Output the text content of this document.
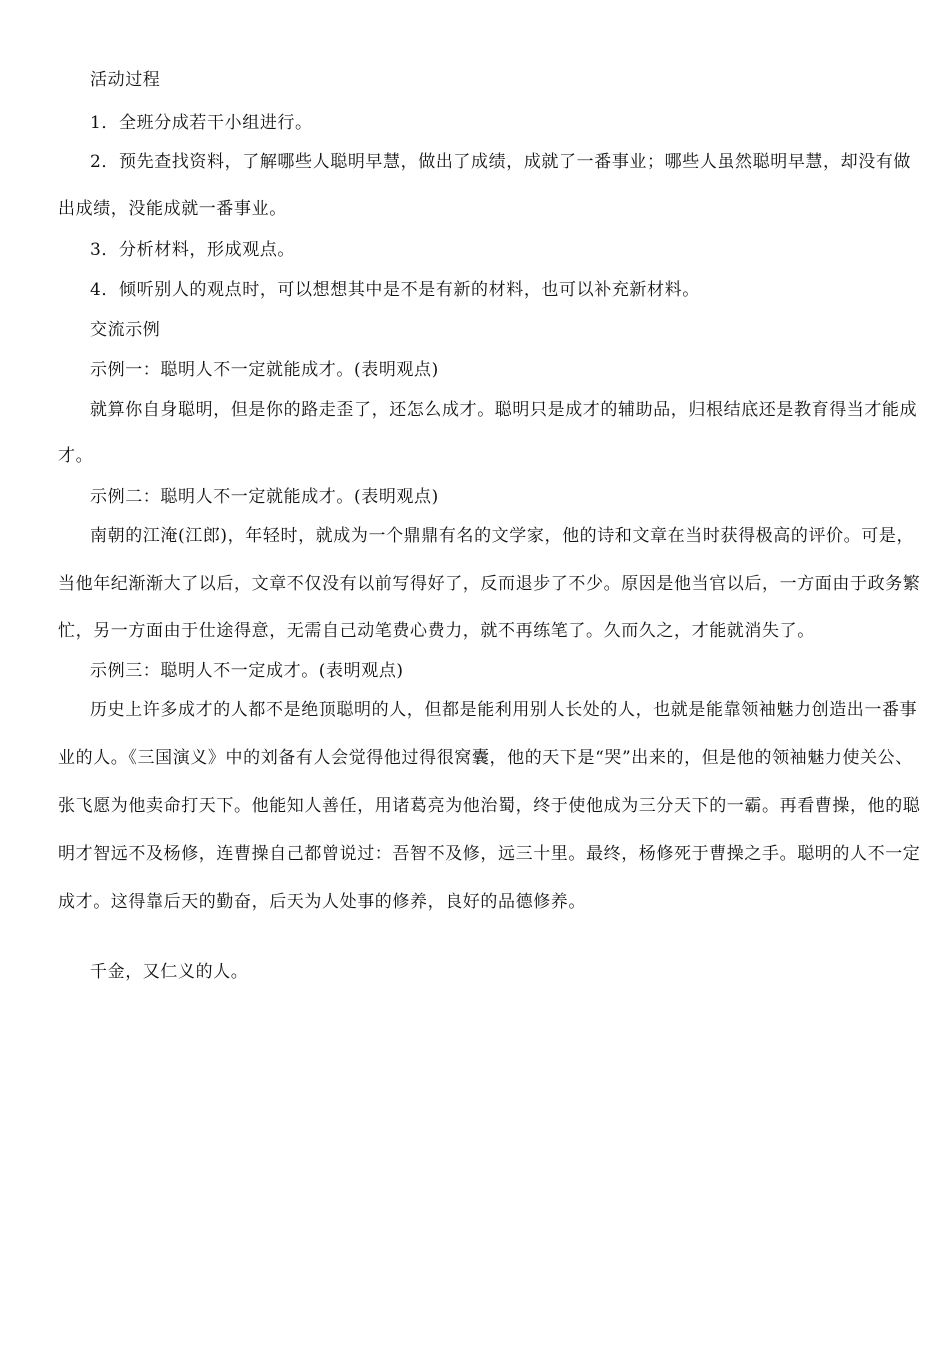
活动过程
1．全班分成若干小组进行。
2．预先查找资料，了解哪些人聪明早慧，做出了成绩，成就了一番事业；哪些人虽然聪明早慧，却没有做
出成绩，没能成就一番事业。
3．分析材料，形成观点。
4．倾听别人的观点时，可以想想其中是不是有新的材料，也可以补充新材料。
交流示例
示例一：聪明人不一定就能成才。(表明观点)
就算你自身聪明，但是你的路走歪了，还怎么成才。聪明只是成才的辅助品，归根结底还是教育得当才能成
才。
示例二：聪明人不一定就能成才。(表明观点)
南朝的江淹(江郎)，年轻时，就成为一个鼎鼎有名的文学家，他的诗和文章在当时获得极高的评价。可是，
当他年纪渐渐大了以后，文章不仅没有以前写得好了，反而退步了不少。原因是他当官以后，一方面由于政务繁
忙，另一方面由于仕途得意，无需自己动笔费心费力，就不再练笔了。久而久之，才能就消失了。
示例三：聪明人不一定成才。(表明观点)
历史上许多成才的人都不是绝顶聪明的人，但都是能利用别人长处的人，也就是能靠领袖魅力创造出一番事
业的人。《三国演义》中的刘备有人会觉得他过得很窝囊，他的天下是“哭”出来的，但是他的领袖魅力使关公、
张飞愿为他卖命打天下。他能知人善任，用诸葛亮为他治蜀，终于使他成为三分天下的一霸。再看曹操，他的聪
明才智远不及杨修，连曹操自己都曾说过：吾智不及修，远三十里。最终，杨修死于曹操之手。聪明的人不一定
成才。这得靠后天的勤奋，后天为人处事的修养，良好的品德修养。
千金，又仁义的人。
